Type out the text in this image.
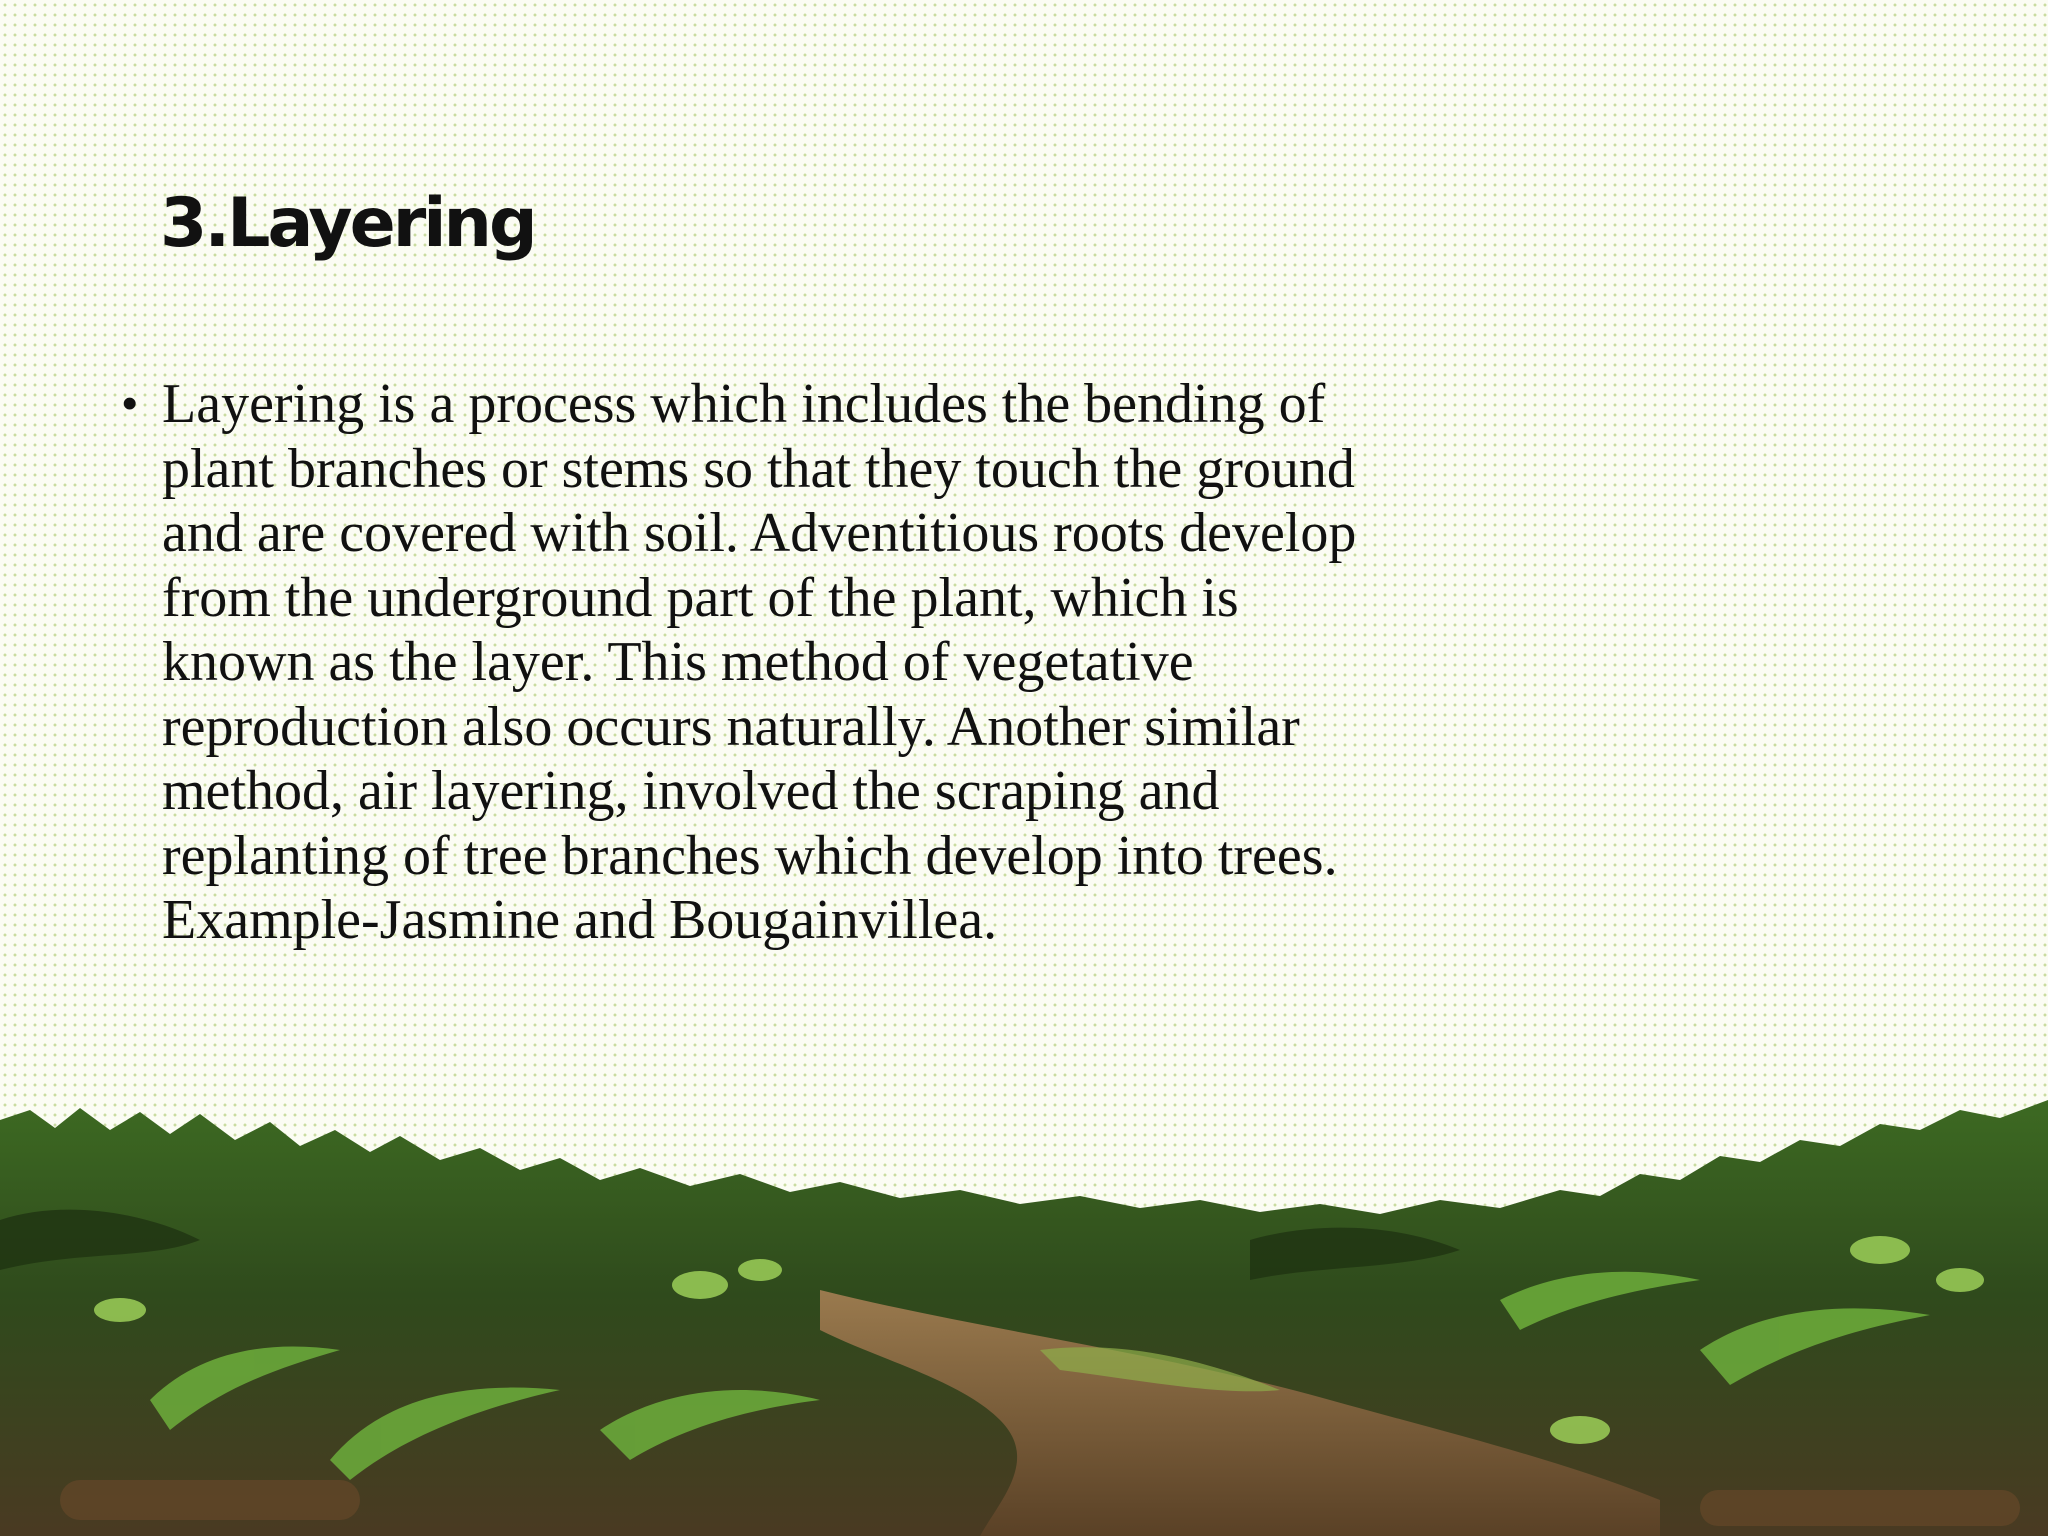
3.Layering
• Layering is a process which includes the bending of plant branches or stems so that they touch the ground and are covered with soil. Adventitious roots develop from the underground part of the plant, which is known as the layer. This method of vegetative reproduction also occurs naturally. Another similar method, air layering, involved the scraping and replanting of tree branches which develop into trees. Example-Jasmine and Bougainvillea.
